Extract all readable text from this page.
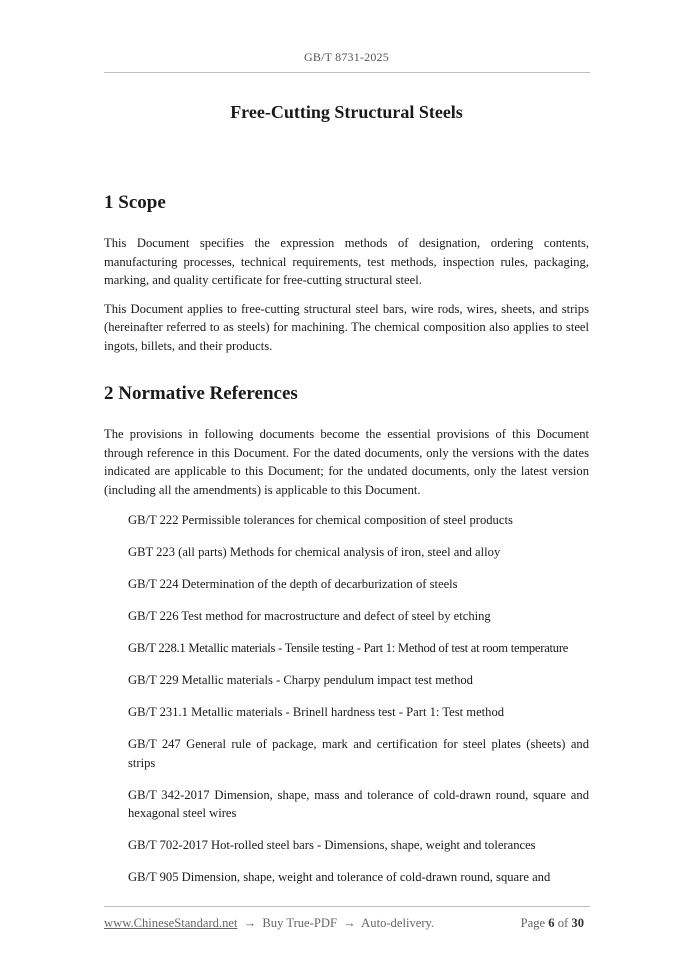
GB/T 8731-2025
Free-Cutting Structural Steels
1 Scope

This Document specifies the expression methods of designation, ordering contents, manufacturing processes, technical requirements, test methods, inspection rules, packaging, marking, and quality certificate for free-cutting structural steel.

This Document applies to free-cutting structural steel bars, wire rods, wires, sheets, and strips (hereinafter referred to as steels) for machining. The chemical composition also applies to steel ingots, billets, and their products.

2 Normative References

The provisions in following documents become the essential provisions of this Document through reference in this Document. For the dated documents, only the versions with the dates indicated are applicable to this Document; for the undated documents, only the latest version (including all the amendments) is applicable to this Document.

GB/T 222 Permissible tolerances for chemical composition of steel products
GBT 223 (all parts) Methods for chemical analysis of iron, steel and alloy
GB/T 224 Determination of the depth of decarburization of steels
GB/T 226 Test method for macrostructure and defect of steel by etching
GB/T 228.1 Metallic materials - Tensile testing - Part 1: Method of test at room temperature
GB/T 229 Metallic materials - Charpy pendulum impact test method
GB/T 231.1 Metallic materials - Brinell hardness test - Part 1: Test method
GB/T 247 General rule of package, mark and certification for steel plates (sheets) and strips
GB/T 342-2017 Dimension, shape, mass and tolerance of cold-drawn round, square and hexagonal steel wires
GB/T 702-2017 Hot-rolled steel bars - Dimensions, shape, weight and tolerances
GB/T 905 Dimension, shape, weight and tolerance of cold-drawn round, square and
www.ChineseStandard.net → Buy True-PDF → Auto-delivery.	Page 6 of 30
